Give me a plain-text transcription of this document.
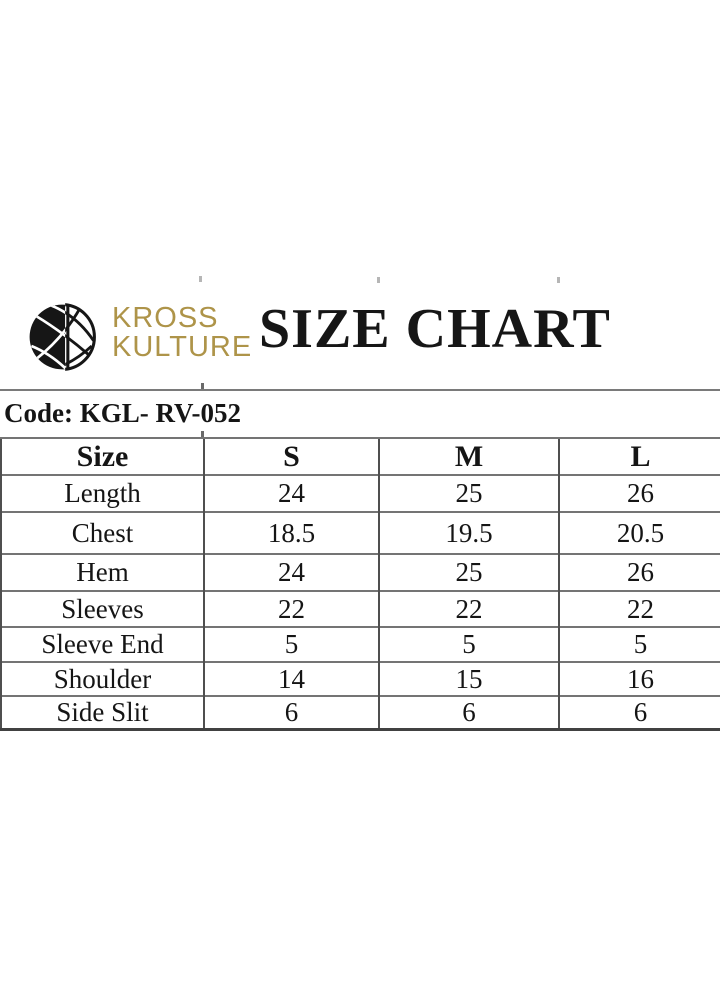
KROSS
KULTURE SIZE CHART
Code: KGL- RV-052
Size	S	M	L
Length	24	25	26
Chest	18.5	19.5	20.5
Hem	24	25	26
Sleeves	22	22	22
Sleeve End	5	5	5
Shoulder	14	15	16
Side Slit	6	6	6
